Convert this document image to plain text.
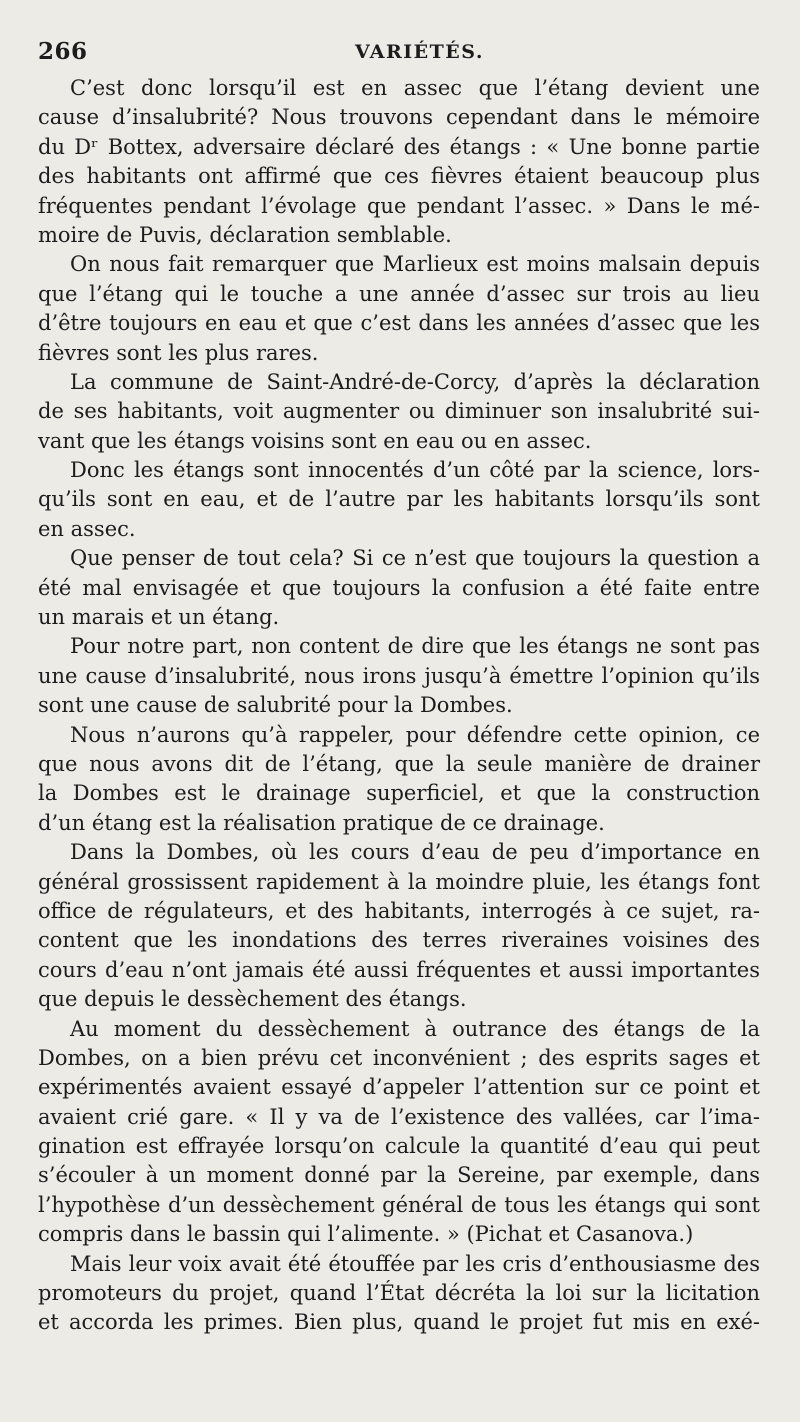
266	VARIÉTÉS.
C’est donc lorsqu’il est en assec que l’étang devient une
cause d’insalubrité? Nous trouvons cependant dans le mémoire
du Dʳ Bottex, adversaire déclaré des étangs : « Une bonne partie
des habitants ont affirmé que ces fièvres étaient beaucoup plus
fréquentes pendant l’évolage que pendant l’assec. » Dans le mé-
moire de Puvis, déclaration semblable.
On nous fait remarquer que Marlieux est moins malsain depuis
que l’étang qui le touche a une année d’assec sur trois au lieu
d’être toujours en eau et que c’est dans les années d’assec que les
fièvres sont les plus rares.
La commune de Saint-André-de-Corcy, d’après la déclaration
de ses habitants, voit augmenter ou diminuer son insalubrité sui-
vant que les étangs voisins sont en eau ou en assec.
Donc les étangs sont innocentés d’un côté par la science, lors-
qu’ils sont en eau, et de l’autre par les habitants lorsqu’ils sont
en assec.
Que penser de tout cela? Si ce n’est que toujours la question a
été mal envisagée et que toujours la confusion a été faite entre
un marais et un étang.
Pour notre part, non content de dire que les étangs ne sont pas
une cause d’insalubrité, nous irons jusqu’à émettre l’opinion qu’ils
sont une cause de salubrité pour la Dombes.
Nous n’aurons qu’à rappeler, pour défendre cette opinion, ce
que nous avons dit de l’étang, que la seule manière de drainer
la Dombes est le drainage superficiel, et que la construction
d’un étang est la réalisation pratique de ce drainage.
Dans la Dombes, où les cours d’eau de peu d’importance en
général grossissent rapidement à la moindre pluie, les étangs font
office de régulateurs, et des habitants, interrogés à ce sujet, ra-
content que les inondations des terres riveraines voisines des
cours d’eau n’ont jamais été aussi fréquentes et aussi importantes
que depuis le dessèchement des étangs.
Au moment du dessèchement à outrance des étangs de la
Dombes, on a bien prévu cet inconvénient ; des esprits sages et
expérimentés avaient essayé d’appeler l’attention sur ce point et
avaient crié gare. « Il y va de l’existence des vallées, car l’ima-
gination est effrayée lorsqu’on calcule la quantité d’eau qui peut
s’écouler à un moment donné par la Sereine, par exemple, dans
l’hypothèse d’un dessèchement général de tous les étangs qui sont
compris dans le bassin qui l’alimente. » (Pichat et Casanova.)
Mais leur voix avait été étouffée par les cris d’enthousiasme des
promoteurs du projet, quand l’État décréta la loi sur la licitation
et accorda les primes. Bien plus, quand le projet fut mis en exé-
